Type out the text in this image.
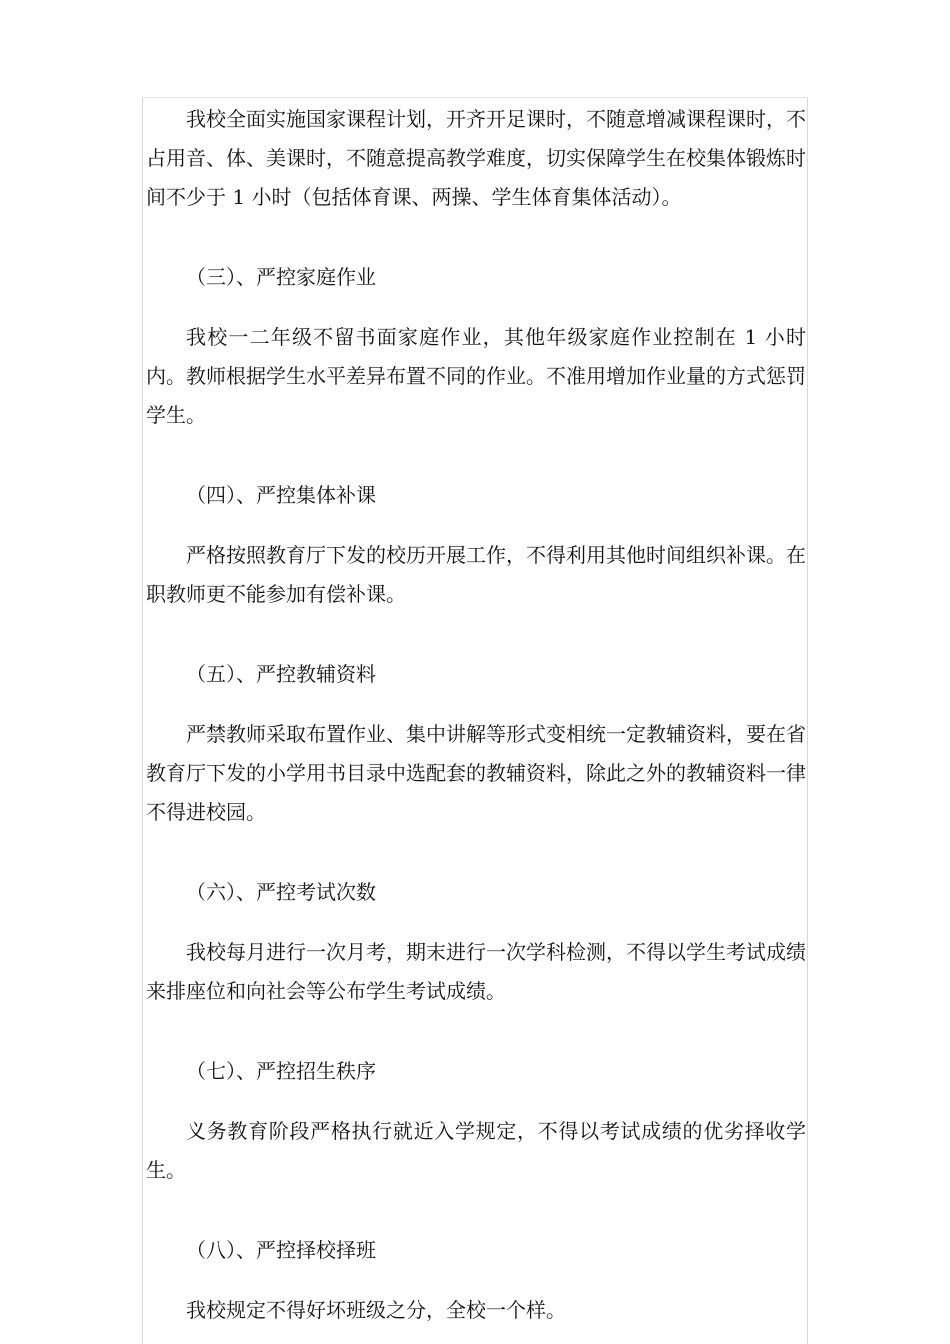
我校全面实施国家课程计划，开齐开足课时，不随意增减课程课时，不占用音、体、美课时，不随意提高教学难度，切实保障学生在校集体锻炼时间不少于 1 小时（包括体育课、两操、学生体育集体活动）。

（三）、严控家庭作业

我校一二年级不留书面家庭作业，其他年级家庭作业控制在 1 小时内。教师根据学生水平差异布置不同的作业。不准用增加作业量的方式惩罚学生。

（四）、严控集体补课

严格按照教育厅下发的校历开展工作，不得利用其他时间组织补课。在职教师更不能参加有偿补课。

（五）、严控教辅资料

严禁教师采取布置作业、集中讲解等形式变相统一定教辅资料，要在省教育厅下发的小学用书目录中选配套的教辅资料，除此之外的教辅资料一律不得进校园。

（六）、严控考试次数

我校每月进行一次月考，期末进行一次学科检测，不得以学生考试成绩来排座位和向社会等公布学生考试成绩。

（七）、严控招生秩序

义务教育阶段严格执行就近入学规定，不得以考试成绩的优劣择收学生。

（八）、严控择校择班

我校规定不得好坏班级之分，全校一个样。
